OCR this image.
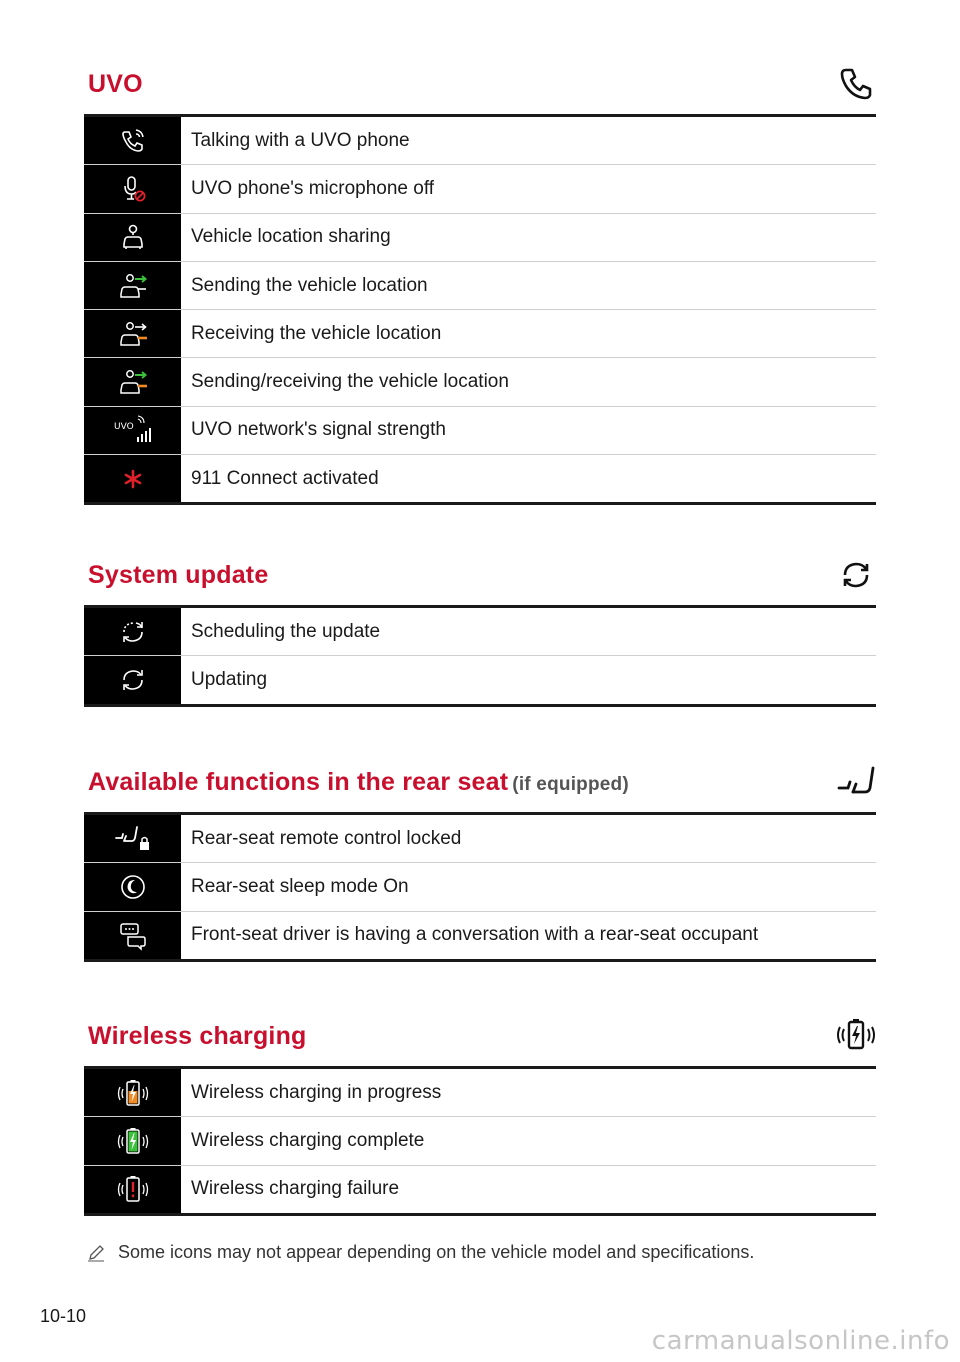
UVO
Talking with a UVO phone
UVO phone's microphone off
Vehicle location sharing
Sending the vehicle location
Receiving the vehicle location
Sending/receiving the vehicle location
UVO	UVO network's signal strength
911 Connect activated
System update
Scheduling the update
Updating
Available functions in the rear seat (if equipped)
Rear-seat remote control locked
Rear-seat sleep mode On
Front-seat driver is having a conversation with a rear-seat occupant
Wireless charging
Wireless charging in progress
Wireless charging complete
Wireless charging failure
Some icons may not appear depending on the vehicle model and specifications.
10-10
carmanualsonline.info
